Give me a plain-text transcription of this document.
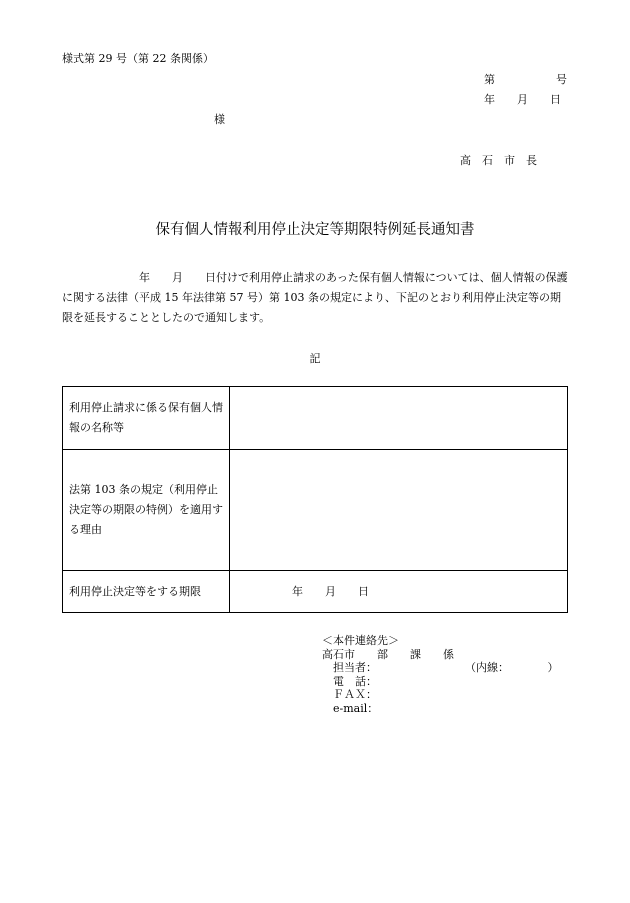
様式第 29 号（第 22 条関係）
第	号
年　　月　　日
様
高　石　市　長
保有個人情報利用停止決定等期限特例延長通知書
　　　　　　　年　　月　　日付けで利用停止請求のあった保有個人情報については、個人情報の保護に関する法律（平成 15 年法律第 57 号）第 103 条の規定により、下記のとおり利用停止決定等の期限を延長することとしたので通知します。
記
利用停止請求に係る保有個人情報の名称等	
法第 103 条の規定（利用停止決定等の期限の特例）を適用する理由	
利用停止決定等をする期限	年　　月　　日
＜本件連絡先＞
高石市　　部　　課　　係
担当者：　　　　　　　　　（内線：　　　　）
電　話：
ＦＡＸ：
e-mail：
